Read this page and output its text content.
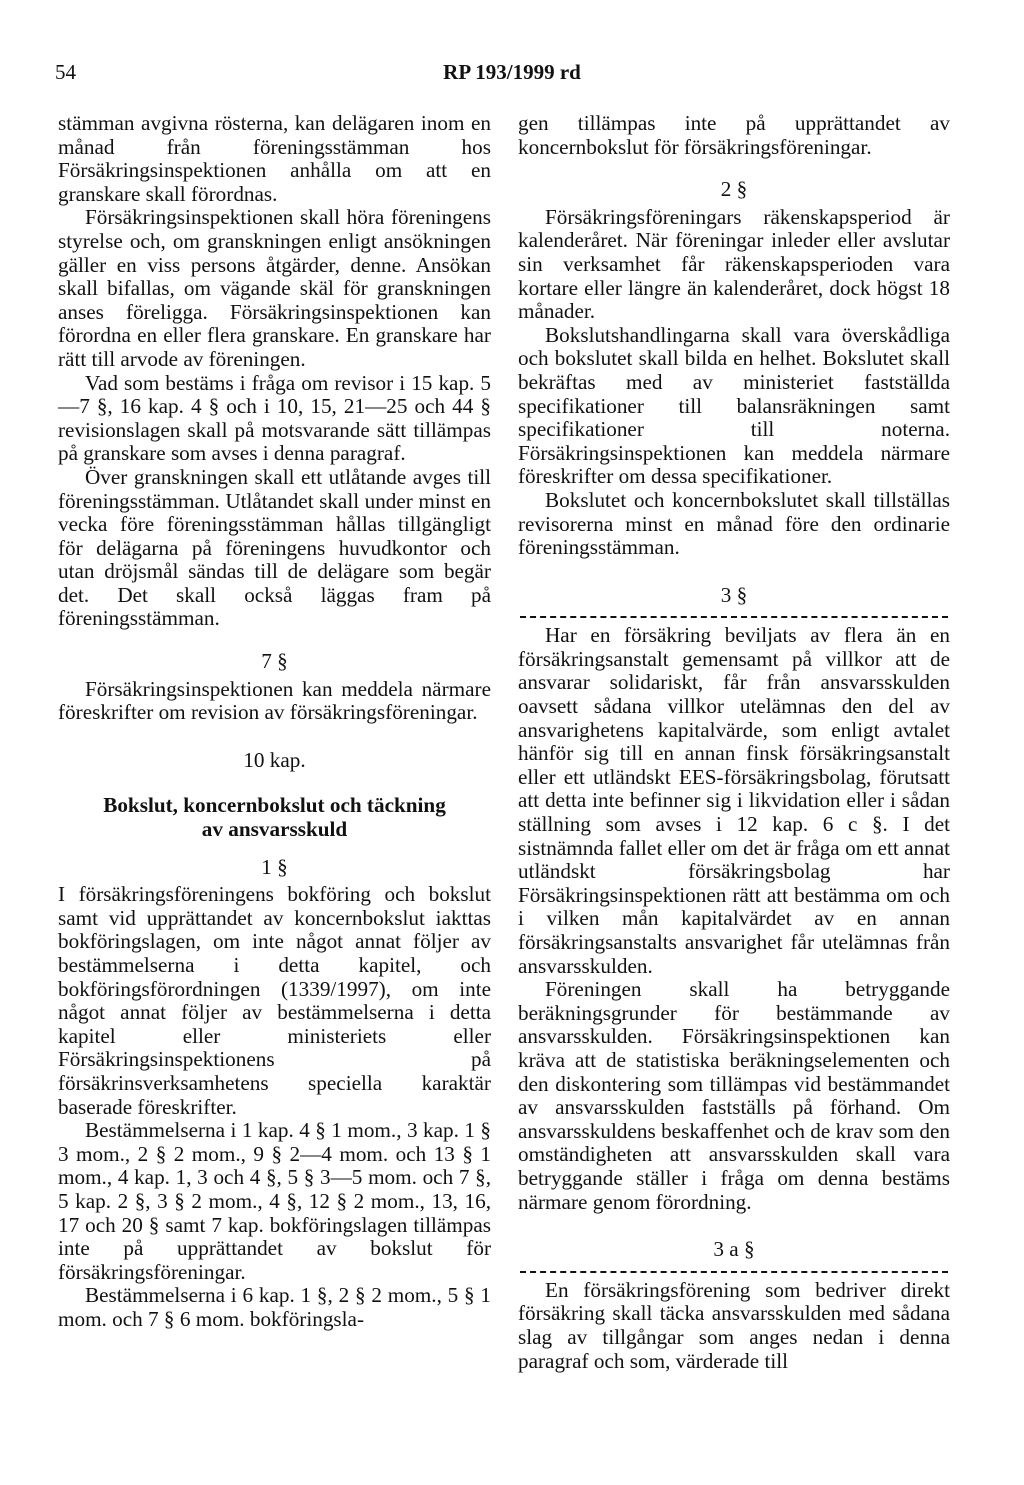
54	RP 193/1999 rd

stämman avgivna rösterna, kan delägaren inom en månad från föreningsstämman hos Försäkringsinspektionen anhålla om att en granskare skall förordnas.

Försäkringsinspektionen skall höra föreningens styrelse och, om granskningen enligt ansökningen gäller en viss persons åtgärder, denne. Ansökan skall bifallas, om vägande skäl för granskningen anses föreligga. Försäkringsinspektionen kan förordna en eller flera granskare. En granskare har rätt till arvode av föreningen.

Vad som bestäms i fråga om revisor i 15 kap. 5—7 §, 16 kap. 4 § och i 10, 15, 21—25 och 44 § revisionslagen skall på motsvarande sätt tillämpas på granskare som avses i denna paragraf.

Över granskningen skall ett utlåtande avges till föreningsstämman. Utlåtandet skall under minst en vecka före föreningsstämman hållas tillgängligt för delägarna på föreningens huvudkontor och utan dröjsmål sändas till de delägare som begär det. Det skall också läggas fram på föreningsstämman.

7 §

Försäkringsinspektionen kan meddela närmare föreskrifter om revision av försäkringsföreningar.

10 kap.
Bokslut, koncernbokslut och täckning av ansvarsskuld
1 §

I försäkringsföreningens bokföring och bokslut samt vid upprättandet av koncernbokslut iakttas bokföringslagen, om inte något annat följer av bestämmelserna i detta kapitel, och bokföringsförordningen (1339/1997), om inte något annat följer av bestämmelserna i detta kapitel eller ministeriets eller Försäkringsinspektionens på försäkrinsverksamhetens speciella karaktär baserade föreskrifter.

Bestämmelserna i 1 kap. 4 § 1 mom., 3 kap. 1 § 3 mom., 2 § 2 mom., 9 § 2—4 mom. och 13 § 1 mom., 4 kap. 1, 3 och 4 §, 5 § 3—5 mom. och 7 §, 5 kap. 2 §, 3 § 2 mom., 4 §, 12 § 2 mom., 13, 16, 17 och 20 § samt 7 kap. bokföringslagen tillämpas inte på upprättandet av bokslut för försäkringsföreningar.

Bestämmelserna i 6 kap. 1 §, 2 § 2 mom., 5 § 1 mom. och 7 § 6 mom. bokföringsla-

gen tillämpas inte på upprättandet av koncernbokslut för försäkringsföreningar.

2 §

Försäkringsföreningars räkenskapsperiod är kalenderåret. När föreningar inleder eller avslutar sin verksamhet får räkenskapsperioden vara kortare eller längre än kalenderåret, dock högst 18 månader.

Bokslutshandlingarna skall vara överskådliga och bokslutet skall bilda en helhet. Bokslutet skall bekräftas med av ministeriet fastställda specifikationer till balansräkningen samt specifikationer till noterna. Försäkringsinspektionen kan meddela närmare föreskrifter om dessa specifikationer.

Bokslutet och koncernbokslutet skall tillställas revisorerna minst en månad före den ordinarie föreningsstämman.

3 §

Har en försäkring beviljats av flera än en försäkringsanstalt gemensamt på villkor att de ansvarar solidariskt, får från ansvarsskulden oavsett sådana villkor utelämnas den del av ansvarighetens kapitalvärde, som enligt avtalet hänför sig till en annan finsk försäkringsanstalt eller ett utländskt EES-försäkringsbolag, förutsatt att detta inte befinner sig i likvidation eller i sådan ställning som avses i 12 kap. 6 c §. I det sistnämnda fallet eller om det är fråga om ett annat utländskt försäkringsbolag har Försäkringsinspektionen rätt att bestämma om och i vilken mån kapitalvärdet av en annan försäkringsanstalts ansvarighet får utelämnas från ansvarsskulden.

Föreningen skall ha betryggande beräkningsgrunder för bestämmande av ansvarsskulden. Försäkringsinspektionen kan kräva att de statistiska beräkningselementen och den diskontering som tillämpas vid bestämmandet av ansvarsskulden fastställs på förhand. Om ansvarsskuldens beskaffenhet och de krav som den omständigheten att ansvarsskulden skall vara betryggande ställer i fråga om denna bestäms närmare genom förordning.

3 a §

En försäkringsförening som bedriver direkt försäkring skall täcka ansvarsskulden med sådana slag av tillgångar som anges nedan i denna paragraf och som, värderade till
